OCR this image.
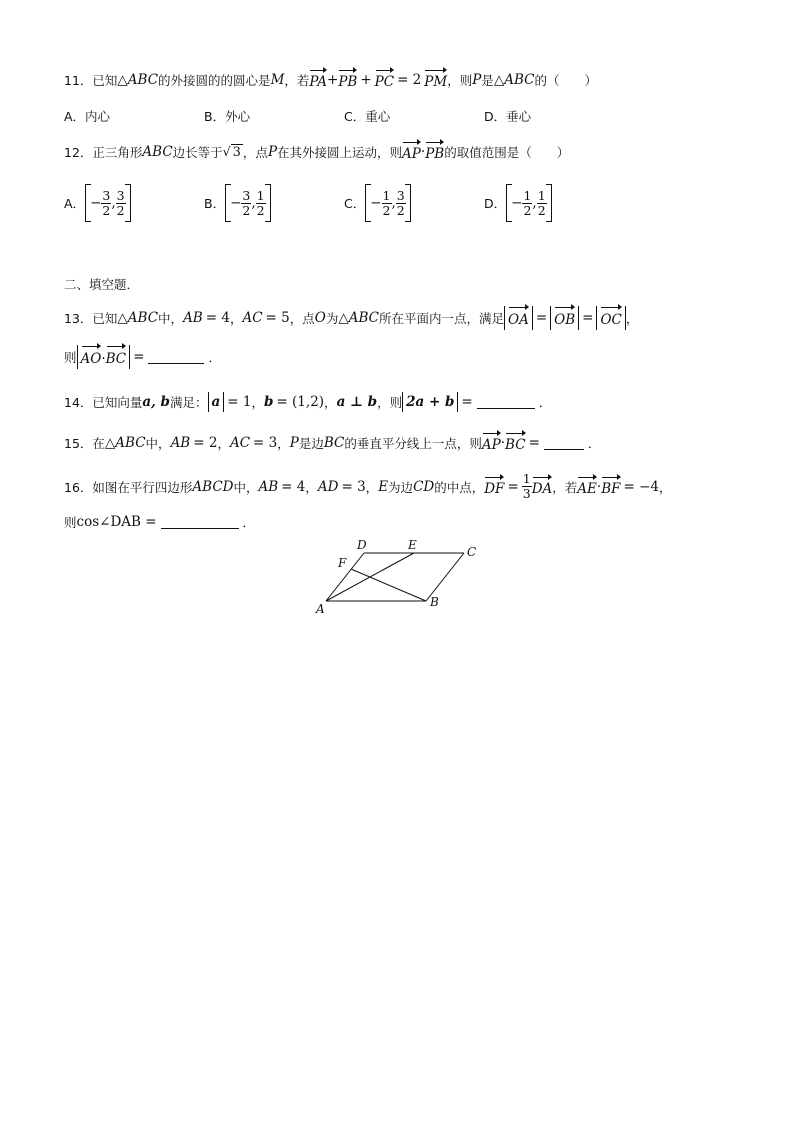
11．已知 △ ABC 的外接圆的的圆心是 M ，若 PA + PB + PC = 2 PM ，则 P 是 △ ABC 的（　　）
A．内心	B．外心	C．重心	D．垂心
12．正三角形 ABC 边长等于 √ 3 ，点 P 在其外接圆上运动，则 AP · PB 的取值范围是（　　）
A． − $\frac{3}{2}$ , $\frac{3}{2}$	B． − $\frac{3}{2}$ , $\frac{1}{2}$	C． − $\frac{1}{2}$ , $\frac{3}{2}$	D． − $\frac{1}{2}$ , $\frac{1}{2}$
二、填空题．
13．已知 △ ABC 中， AB = 4 ， AC = 5 ，点 O 为 △ ABC 所在平面内一点，满足 OA = OB = OC ，
则 AO·BC =	．
14．已知向量 a, b 满足： a = 1 ， b = (1,2) ， a ⊥ b ，则 2a + b =	．
15．在 △ ABC 中， AB = 2 ， AC = 3 ， P 是边 BC 的垂直平分线上一点，则 AP · BC =	．
16．如图在平行四边形 ABCD 中， AB = 4 ， AD = 3 ， E 为边 CD 的中点， DF = $\frac{1}{3}$ DA ，若 AE · BF = −4 ，
则 cos∠DAB =	．
A	B
C
D	E
F
